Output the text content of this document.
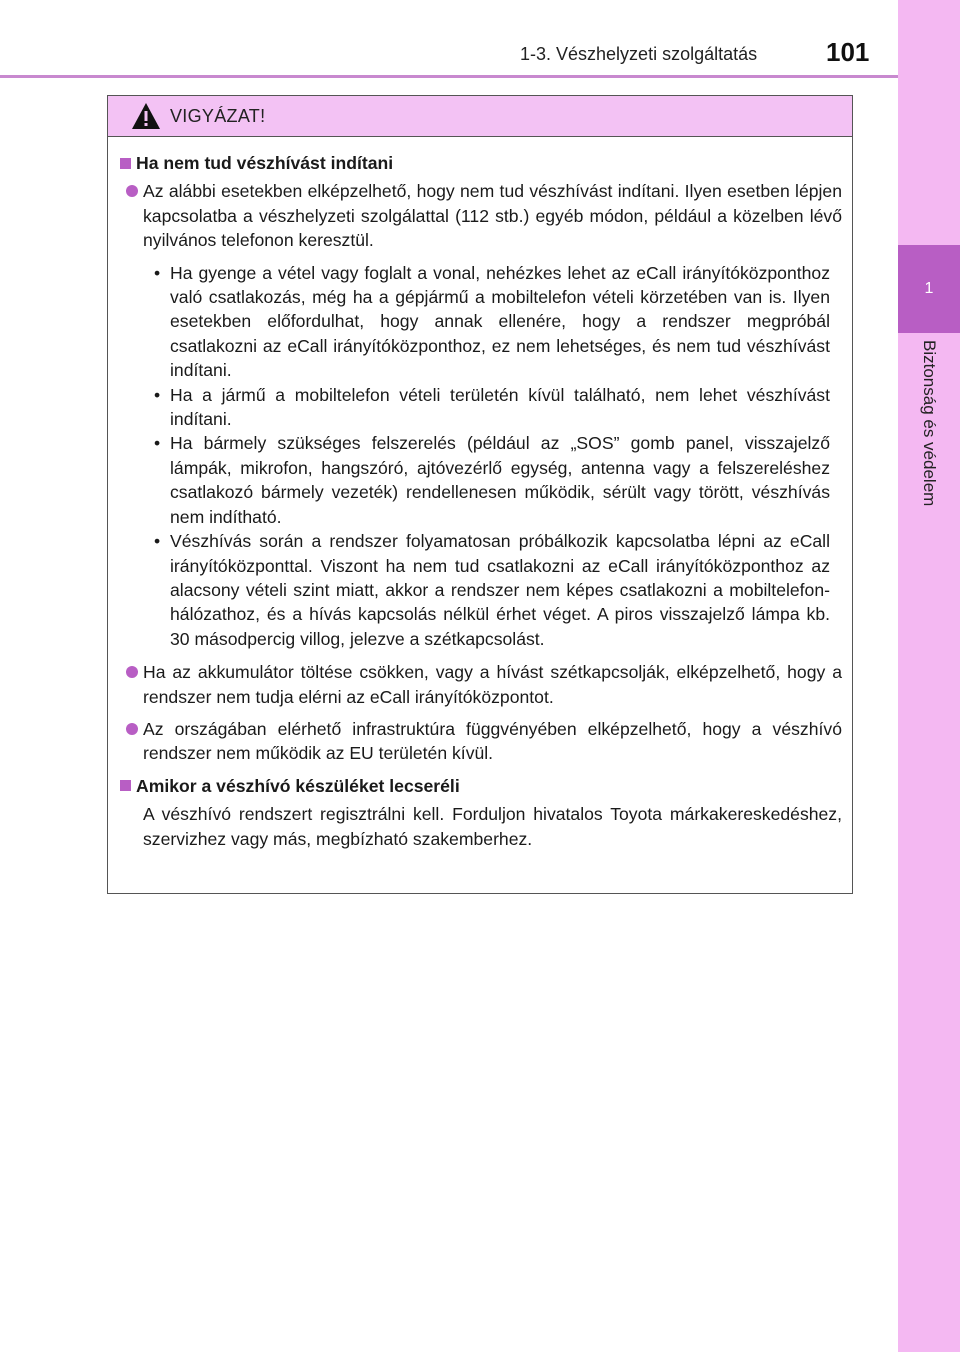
1
Biztonság és védelem
1-3. Vészhelyzeti szolgáltatás	101
VIGYÁZAT!
Ha nem tud vészhívást indítani
Az alábbi esetekben elképzelhető, hogy nem tud vészhívást indítani. Ilyen esetben lépjen kapcsolatba a vészhelyzeti szolgálattal (112 stb.) egyéb módon, például a közelben lévő nyilvános telefonon keresztül.
• Ha gyenge a vétel vagy foglalt a vonal, nehézkes lehet az eCall irányítóközponthoz való csatlakozás, még ha a gépjármű a mobiltelefon vételi körzetében van is. Ilyen esetekben előfordulhat, hogy annak ellenére, hogy a rendszer megpróbál csatlakozni az eCall irányítóközponthoz, ez nem lehetséges, és nem tud vészhívást indítani.
• Ha a jármű a mobiltelefon vételi területén kívül található, nem lehet vészhívást indítani.
• Ha bármely szükséges felszerelés (például az „SOS” gomb panel, visszajelző lámpák, mikrofon, hangszóró, ajtóvezérlő egység, antenna vagy a felszereléshez csatlakozó bármely vezeték) rendellenesen működik, sérült vagy törött, vészhívás nem indítható.
• Vészhívás során a rendszer folyamatosan próbálkozik kapcsolatba lépni az eCall irányítóközponttal. Viszont ha nem tud csatlakozni az eCall irányítóközponthoz az alacsony vételi szint miatt, akkor a rendszer nem képes csatlakozni a mobiltelefon-hálózathoz, és a hívás kapcsolás nélkül érhet véget. A piros visszajelző lámpa kb. 30 másodpercig villog, jelezve a szétkapcsolást.
Ha az akkumulátor töltése csökken, vagy a hívást szétkapcsolják, elképzelhető, hogy a rendszer nem tudja elérni az eCall irányítóközpontot.
Az országában elérhető infrastruktúra függvényében elképzelhető, hogy a vészhívó rendszer nem működik az EU területén kívül.
Amikor a vészhívó készüléket lecseréli
A vészhívó rendszert regisztrálni kell. Forduljon hivatalos Toyota márkakereskedéshez, szervizhez vagy más, megbízható szakemberhez.
